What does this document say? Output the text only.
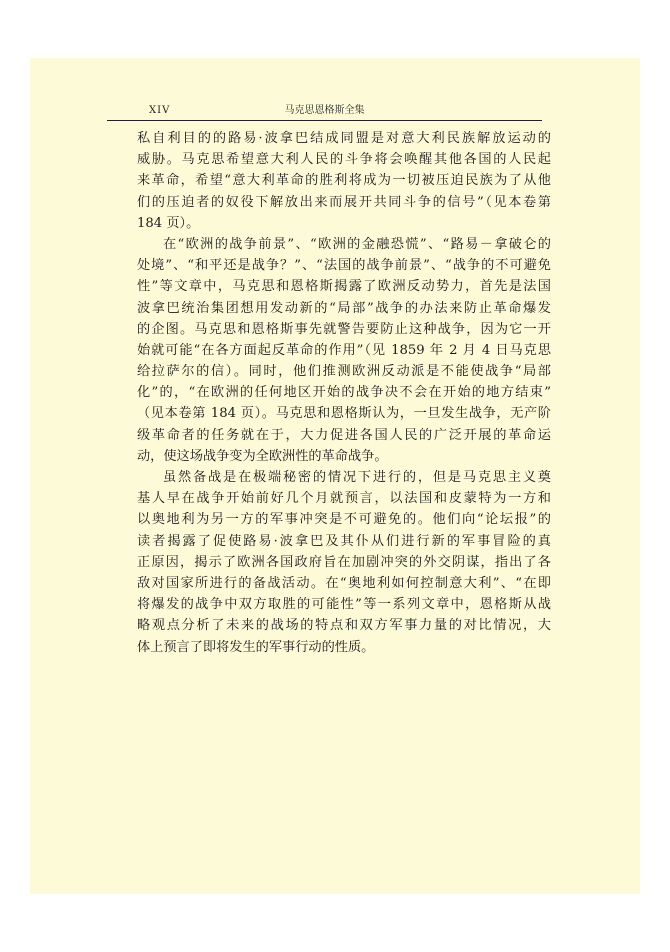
XIV	马克思恩格斯全集
私自利目的的路易·波拿巴结成同盟是对意大利民族解放运动的
威胁。马克思希望意大利人民的斗争将会唤醒其他各国的人民起
来革命，希望“意大利革命的胜利将成为一切被压迫民族为了从他
们的压迫者的奴役下解放出来而展开共同斗争的信号”（见本卷第
184 页）。
在“欧洲的战争前景”、“欧洲的金融恐慌”、“路易－拿破仑的
处境”、“和平还是战争？”、“法国的战争前景”、“战争的不可避免
性”等文章中，马克思和恩格斯揭露了欧洲反动势力，首先是法国
波拿巴统治集团想用发动新的“局部”战争的办法来防止革命爆发
的企图。马克思和恩格斯事先就警告要防止这种战争，因为它一开
始就可能“在各方面起反革命的作用”（见 1859 年 2 月 4 日马克思
给拉萨尔的信）。同时，他们推测欧洲反动派是不能使战争“局部
化”的，“在欧洲的任何地区开始的战争决不会在开始的地方结束”
（见本卷第 184 页）。马克思和恩格斯认为，一旦发生战争，无产阶
级革命者的任务就在于，大力促进各国人民的广泛开展的革命运
动，使这场战争变为全欧洲性的革命战争。
虽然备战是在极端秘密的情况下进行的，但是马克思主义奠
基人早在战争开始前好几个月就预言，以法国和皮蒙特为一方和
以奥地利为另一方的军事冲突是不可避免的。他们向“论坛报”的
读者揭露了促使路易·波拿巴及其仆从们进行新的军事冒险的真
正原因，揭示了欧洲各国政府旨在加剧冲突的外交阴谋，指出了各
敌对国家所进行的备战活动。在“奥地利如何控制意大利”、“在即
将爆发的战争中双方取胜的可能性”等一系列文章中，恩格斯从战
略观点分析了未来的战场的特点和双方军事力量的对比情况，大
体上预言了即将发生的军事行动的性质。
